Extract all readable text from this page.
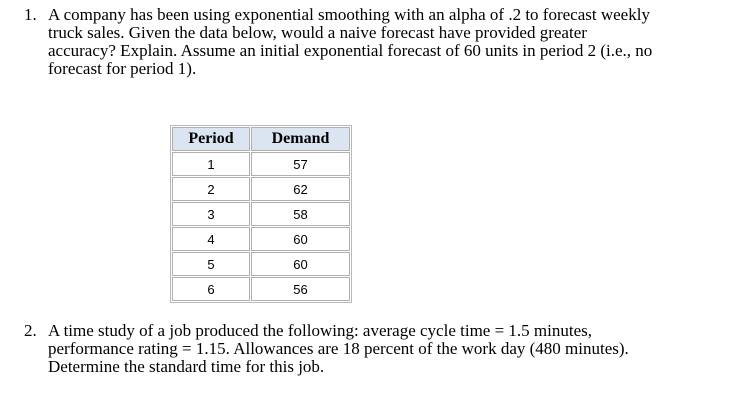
1. A company has been using exponential smoothing with an alpha of .2 to forecast weekly
truck sales. Given the data below, would a naive forecast have provided greater
accuracy? Explain. Assume an initial exponential forecast of 60 units in period 2 (i.e., no
forecast for period 1).
Period	Demand
1	57
2	62
3	58
4	60
5	60
6	56
2. A time study of a job produced the following: average cycle time = 1.5 minutes,
performance rating = 1.15. Allowances are 18 percent of the work day (480 minutes).
Determine the standard time for this job.
